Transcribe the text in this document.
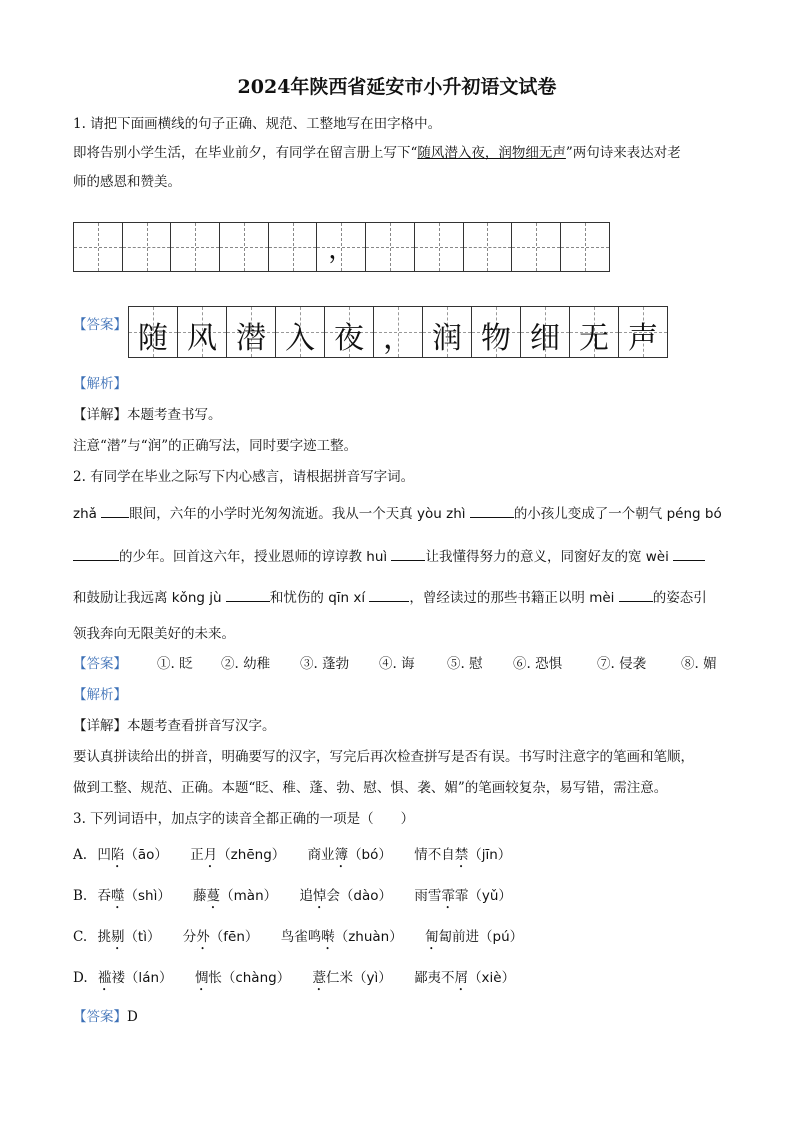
2024年陕西省延安市小升初语文试卷
1. 请把下面画横线的句子正确、规范、工整地写在田字格中。
即将告别小学生活，在毕业前夕，有同学在留言册上写下“随风潜入夜，润物细无声”两句诗来表达对老
师的感恩和赞美。
，
【答案】 随 风 潜 入 夜 ， 润 物 细 无 声
【解析】
【详解】本题考查书写。
注意“潜”与“润”的正确写法，同时要字迹工整。
2. 有同学在毕业之际写下内心感言，请根据拼音写字词。
zhǎ 眼间，六年的小学时光匆匆流逝。我从一个天真 yòu zhì	的小孩儿变成了一个朝气 péng bó
的少年。回首这六年，授业恩师的谆谆教 huì	让我懂得努力的意义，同窗好友的宽 wèi
和鼓励让我远离 kǒng jù	和忧伤的 qīn xí	，曾经读过的那些书籍正以明 mèi	的姿态引
领我奔向无限美好的未来。
【答案】	①. 眨	②. 幼稚	③. 蓬勃	④. 诲	⑤. 慰	⑥. 恐惧	⑦. 侵袭	⑧. 媚
【解析】
【详解】本题考查看拼音写汉字。
要认真拼读给出的拼音，明确要写的汉字，写完后再次检查拼写是否有误。书写时注意字的笔画和笔顺，
做到工整、规范、正确。本题“眨、稚、蓬、勃、慰、惧、袭、媚”的笔画较复杂，易写错，需注意。
3. 下列词语中，加点字的读音全都正确的一项是（　　）
A. 凹陷（āo） 正月（zhēng） 商业簿（bó） 情不自禁（jīn）
B. 吞噬（shì） 藤蔓（màn） 追悼会（dào） 雨雪霏霏（yǔ）
C. 挑剔（tì） 分外（fēn） 鸟雀鸣啭（zhuàn） 匍匐前进（pú）
D. 褴褛（lán） 惆怅（chàng） 薏仁米（yì） 鄙夷不屑（xiè）
【答案】D
